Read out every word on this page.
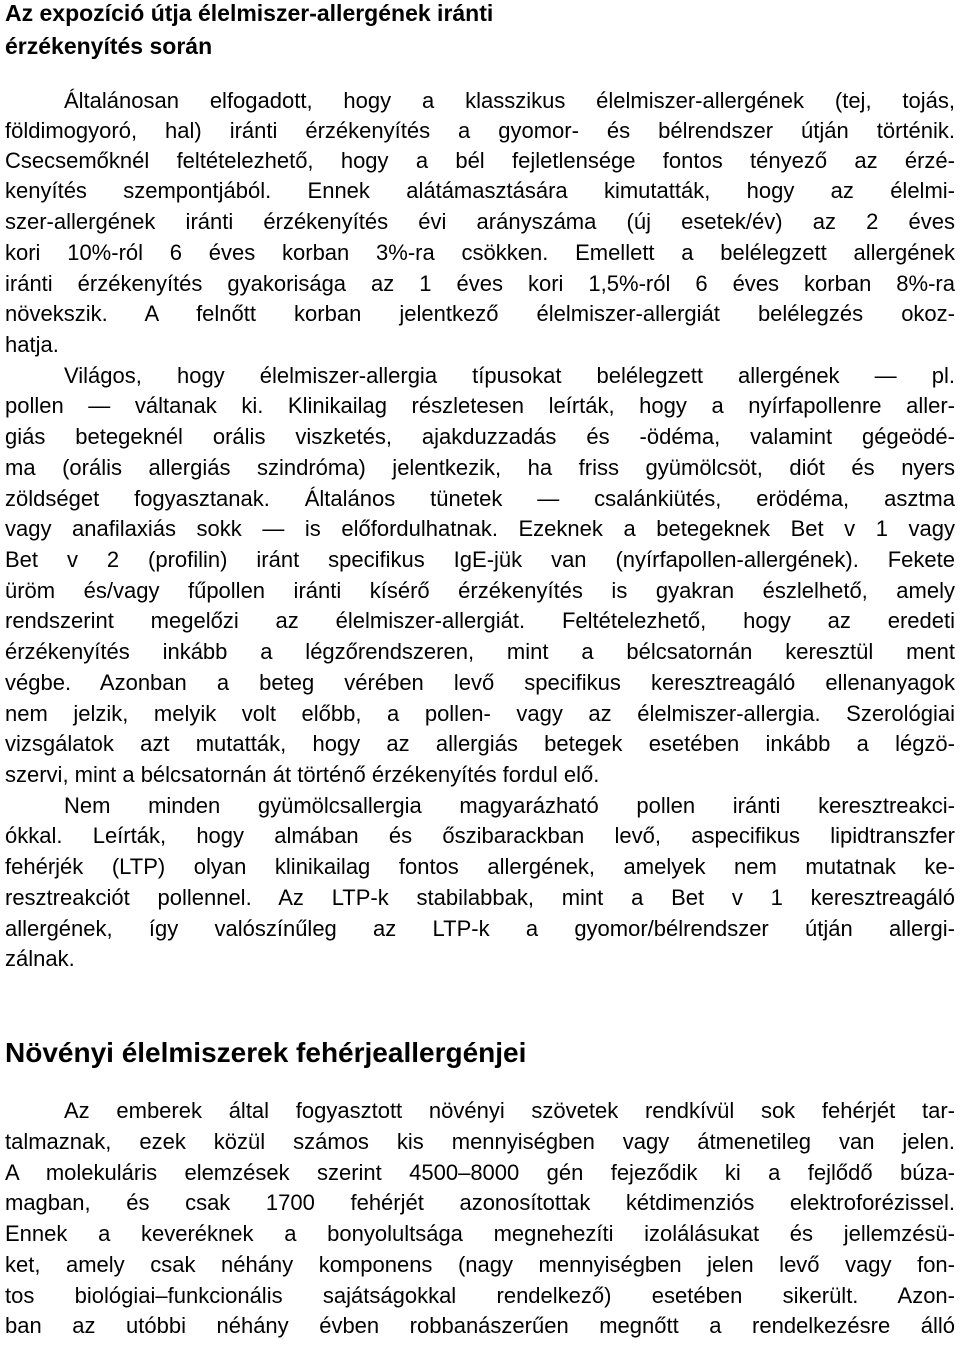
Az expozíció útja élelmiszer-allergének iránti
érzékenyítés során
Általánosan elfogadott, hogy a klasszikus élelmiszer-allergének (tej, tojás,
földimogyoró, hal) iránti érzékenyítés a gyomor- és bélrendszer útján történik.
Csecsemőknél feltételezhető, hogy a bél fejletlensége fontos tényező az érzé-
kenyítés szempontjából. Ennek alátámasztására kimutatták, hogy az élelmi-
szer-allergének iránti érzékenyítés évi arányszáma (új esetek/év) az 2 éves
kori 10%-ról 6 éves korban 3%-ra csökken. Emellett a belélegzett allergének
iránti érzékenyítés gyakorisága az 1 éves kori 1,5%-ról 6 éves korban 8%-ra
növekszik. A felnőtt korban jelentkező élelmiszer-allergiát belélegzés okoz-
hatja.
Világos, hogy élelmiszer-allergia típusokat belélegzett allergének — pl.
pollen — váltanak ki. Klinikailag részletesen leírták, hogy a nyírfapollenre aller-
giás betegeknél orális viszketés, ajakduzzadás és -ödéma, valamint gégeödé-
ma (orális allergiás szindróma) jelentkezik, ha friss gyümölcsöt, diót és nyers
zöldséget fogyasztanak. Általános tünetek — csalánkiütés, erödéma, asztma
vagy anafilaxiás sokk — is előfordulhatnak. Ezeknek a betegeknek Bet v 1 vagy
Bet v 2 (profilin) iránt specifikus IgE-jük van (nyírfapollen-allergének). Fekete
üröm és/vagy fűpollen iránti kísérő érzékenyítés is gyakran észlelhető, amely
rendszerint megelőzi az élelmiszer-allergiát. Feltételezhető, hogy az eredeti
érzékenyítés inkább a légzőrendszeren, mint a bélcsatornán keresztül ment
végbe. Azonban a beteg vérében levő specifikus keresztreagáló ellenanyagok
nem jelzik, melyik volt előbb, a pollen- vagy az élelmiszer-allergia. Szerológiai
vizsgálatok azt mutatták, hogy az allergiás betegek esetében inkább a légzö-
szervi, mint a bélcsatornán át történő érzékenyítés fordul elő.
Nem minden gyümölcsallergia magyarázható pollen iránti keresztreakci-
ókkal. Leírták, hogy almában és őszibarackban levő, aspecifikus lipidtranszfer
fehérjék (LTP) olyan klinikailag fontos allergének, amelyek nem mutatnak ke-
resztreakciót pollennel. Az LTP-k stabilabbak, mint a Bet v 1 keresztreagáló
allergének, így valószínűleg az LTP-k a gyomor/bélrendszer útján allergi-
zálnak.
Növényi élelmiszerek fehérjeallergénjei
Az emberek által fogyasztott növényi szövetek rendkívül sok fehérjét tar-
talmaznak, ezek közül számos kis mennyiségben vagy átmenetileg van jelen.
A molekuláris elemzések szerint 4500–8000 gén fejeződik ki a fejlődő búza-
magban, és csak 1700 fehérjét azonosítottak kétdimenziós elektroforézissel.
Ennek a keveréknek a bonyolultsága megnehezíti izolálásukat és jellemzésü-
ket, amely csak néhány komponens (nagy mennyiségben jelen levő vagy fon-
tos biológiai–funkcionális sajátságokkal rendelkező) esetében sikerült. Azon-
ban az utóbbi néhány évben robbanászerűen megnőtt a rendelkezésre álló
